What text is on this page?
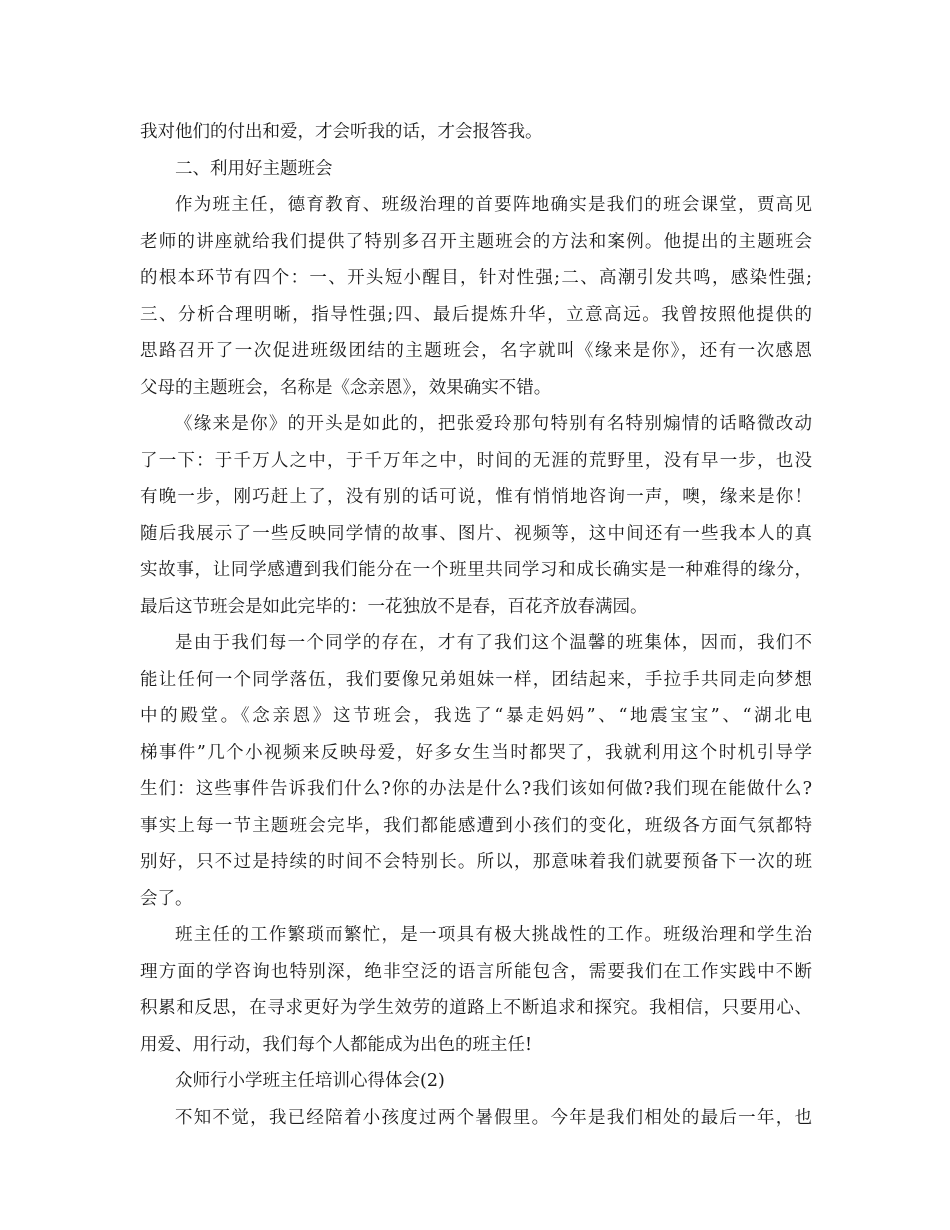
我对他们的付出和爱，才会听我的话，才会报答我。
二、利用好主题班会
作为班主任，德育教育、班级治理的首要阵地确实是我们的班会课堂，贾高见
老师的讲座就给我们提供了特别多召开主题班会的方法和案例。他提出的主题班会
的根本环节有四个：一、开头短小醒目，针对性强;二、高潮引发共鸣，感染性强;
三、分析合理明晰，指导性强;四、最后提炼升华，立意高远。我曾按照他提供的
思路召开了一次促进班级团结的主题班会，名字就叫《缘来是你》，还有一次感恩
父母的主题班会，名称是《念亲恩》，效果确实不错。
《缘来是你》的开头是如此的，把张爱玲那句特别有名特别煽情的话略微改动
了一下：于千万人之中，于千万年之中，时间的无涯的荒野里，没有早一步，也没
有晚一步，刚巧赶上了，没有别的话可说，惟有悄悄地咨询一声，噢，缘来是你！
随后我展示了一些反映同学情的故事、图片、视频等，这中间还有一些我本人的真
实故事，让同学感遭到我们能分在一个班里共同学习和成长确实是一种难得的缘分，
最后这节班会是如此完毕的：一花独放不是春，百花齐放春满园。
是由于我们每一个同学的存在，才有了我们这个温馨的班集体，因而，我们不
能让任何一个同学落伍，我们要像兄弟姐妹一样，团结起来，手拉手共同走向梦想
中的殿堂。《念亲恩》这节班会，我选了“暴走妈妈”、“地震宝宝”、“湖北电
梯事件”几个小视频来反映母爱，好多女生当时都哭了，我就利用这个时机引导学
生们：这些事件告诉我们什么?你的办法是什么?我们该如何做?我们现在能做什么?
事实上每一节主题班会完毕，我们都能感遭到小孩们的变化，班级各方面气氛都特
别好，只不过是持续的时间不会特别长。所以，那意味着我们就要预备下一次的班
会了。
班主任的工作繁琐而繁忙，是一项具有极大挑战性的工作。班级治理和学生治
理方面的学咨询也特别深，绝非空泛的语言所能包含，需要我们在工作实践中不断
积累和反思，在寻求更好为学生效劳的道路上不断追求和探究。我相信，只要用心、
用爱、用行动，我们每个人都能成为出色的班主任!
众师行小学班主任培训心得体会(2)
不知不觉，我已经陪着小孩度过两个暑假里。今年是我们相处的最后一年，也
